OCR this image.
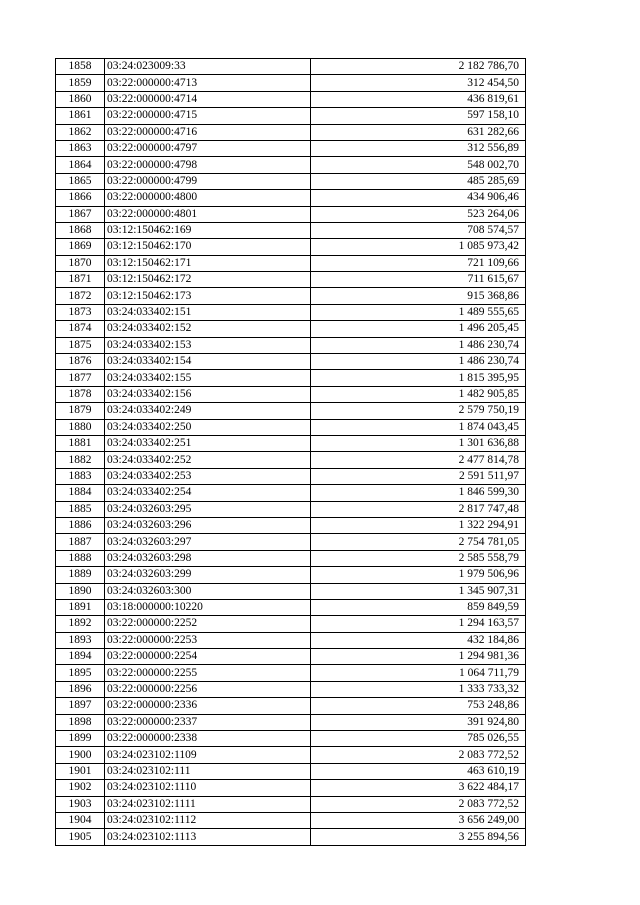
1858	03:24:023009:33	2 182 786,70
1859	03:22:000000:4713	312 454,50
1860	03:22:000000:4714	436 819,61
1861	03:22:000000:4715	597 158,10
1862	03:22:000000:4716	631 282,66
1863	03:22:000000:4797	312 556,89
1864	03:22:000000:4798	548 002,70
1865	03:22:000000:4799	485 285,69
1866	03:22:000000:4800	434 906,46
1867	03:22:000000:4801	523 264,06
1868	03:12:150462:169	708 574,57
1869	03:12:150462:170	1 085 973,42
1870	03:12:150462:171	721 109,66
1871	03:12:150462:172	711 615,67
1872	03:12:150462:173	915 368,86
1873	03:24:033402:151	1 489 555,65
1874	03:24:033402:152	1 496 205,45
1875	03:24:033402:153	1 486 230,74
1876	03:24:033402:154	1 486 230,74
1877	03:24:033402:155	1 815 395,95
1878	03:24:033402:156	1 482 905,85
1879	03:24:033402:249	2 579 750,19
1880	03:24:033402:250	1 874 043,45
1881	03:24:033402:251	1 301 636,88
1882	03:24:033402:252	2 477 814,78
1883	03:24:033402:253	2 591 511,97
1884	03:24:033402:254	1 846 599,30
1885	03:24:032603:295	2 817 747,48
1886	03:24:032603:296	1 322 294,91
1887	03:24:032603:297	2 754 781,05
1888	03:24:032603:298	2 585 558,79
1889	03:24:032603:299	1 979 506,96
1890	03:24:032603:300	1 345 907,31
1891	03:18:000000:10220	859 849,59
1892	03:22:000000:2252	1 294 163,57
1893	03:22:000000:2253	432 184,86
1894	03:22:000000:2254	1 294 981,36
1895	03:22:000000:2255	1 064 711,79
1896	03:22:000000:2256	1 333 733,32
1897	03:22:000000:2336	753 248,86
1898	03:22:000000:2337	391 924,80
1899	03:22:000000:2338	785 026,55
1900	03:24:023102:1109	2 083 772,52
1901	03:24:023102:111	463 610,19
1902	03:24:023102:1110	3 622 484,17
1903	03:24:023102:1111	2 083 772,52
1904	03:24:023102:1112	3 656 249,00
1905	03:24:023102:1113	3 255 894,56
